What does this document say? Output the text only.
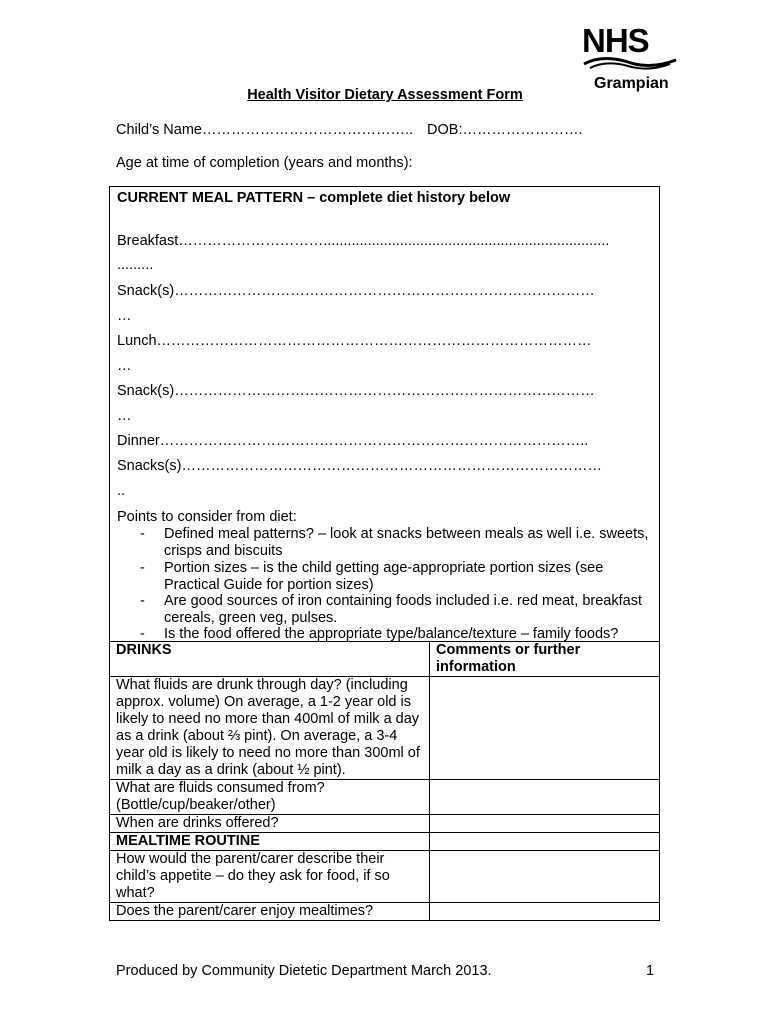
NHS
Grampian
Health Visitor Dietary Assessment Form
Child’s Name…………………………………….. DOB:…………………….
Age at time of completion (years and months):
CURRENT MEAL PATTERN – complete diet history below
Breakfast………………………….......................................................................
.........
Snack(s)……………………………………………………………………………
…
Lunch………………………………………………………………………………
…
Snack(s)……………………………………………………………………………
…
Dinner……………………………………………………………………………..
Snacks(s)……………………………………………………………………………
..
Points to consider from diet:
- Defined meal patterns? – look at snacks between meals as well i.e. sweets, crisps and biscuits
- Portion sizes – is the child getting age-appropriate portion sizes (see Practical Guide for portion sizes)
- Are good sources of iron containing foods included i.e. red meat, breakfast cereals, green veg, pulses.
- Is the food offered the appropriate type/balance/texture – family foods?
DRINKS	Comments or further information
What fluids are drunk through day? (including approx. volume) On average, a 1-2 year old is likely to need no more than 400ml of milk a day as a drink (about ⅔ pint). On average, a 3-4 year old is likely to need no more than 300ml of milk a day as a drink (about ½ pint).	
What are fluids consumed from? (Bottle/cup/beaker/other)	
When are drinks offered?	
MEALTIME ROUTINE	
How would the parent/carer describe their child’s appetite – do they ask for food, if so what?	
Does the parent/carer enjoy mealtimes?	
Produced by Community Dietetic Department March 2013.	1
